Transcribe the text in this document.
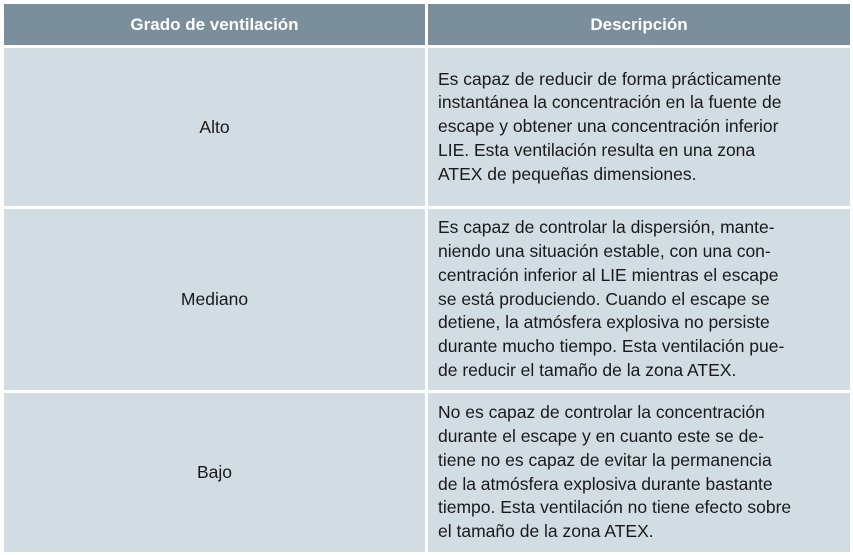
Grado de ventilación	Descripción
Alto
Es capaz de reducir de forma prácticamente
instantánea la concentración en la fuente de
escape y obtener una concentración inferior
LIE. Esta ventilación resulta en una zona
ATEX de pequeñas dimensiones.
Mediano
Es capaz de controlar la dispersión, mante-
niendo una situación estable, con una con-
centración inferior al LIE mientras el escape
se está produciendo. Cuando el escape se
detiene, la atmósfera explosiva no persiste
durante mucho tiempo. Esta ventilación pue-
de reducir el tamaño de la zona ATEX.
Bajo
No es capaz de controlar la concentración
durante el escape y en cuanto este se de-
tiene no es capaz de evitar la permanencia
de la atmósfera explosiva durante bastante
tiempo. Esta ventilación no tiene efecto sobre
el tamaño de la zona ATEX.
